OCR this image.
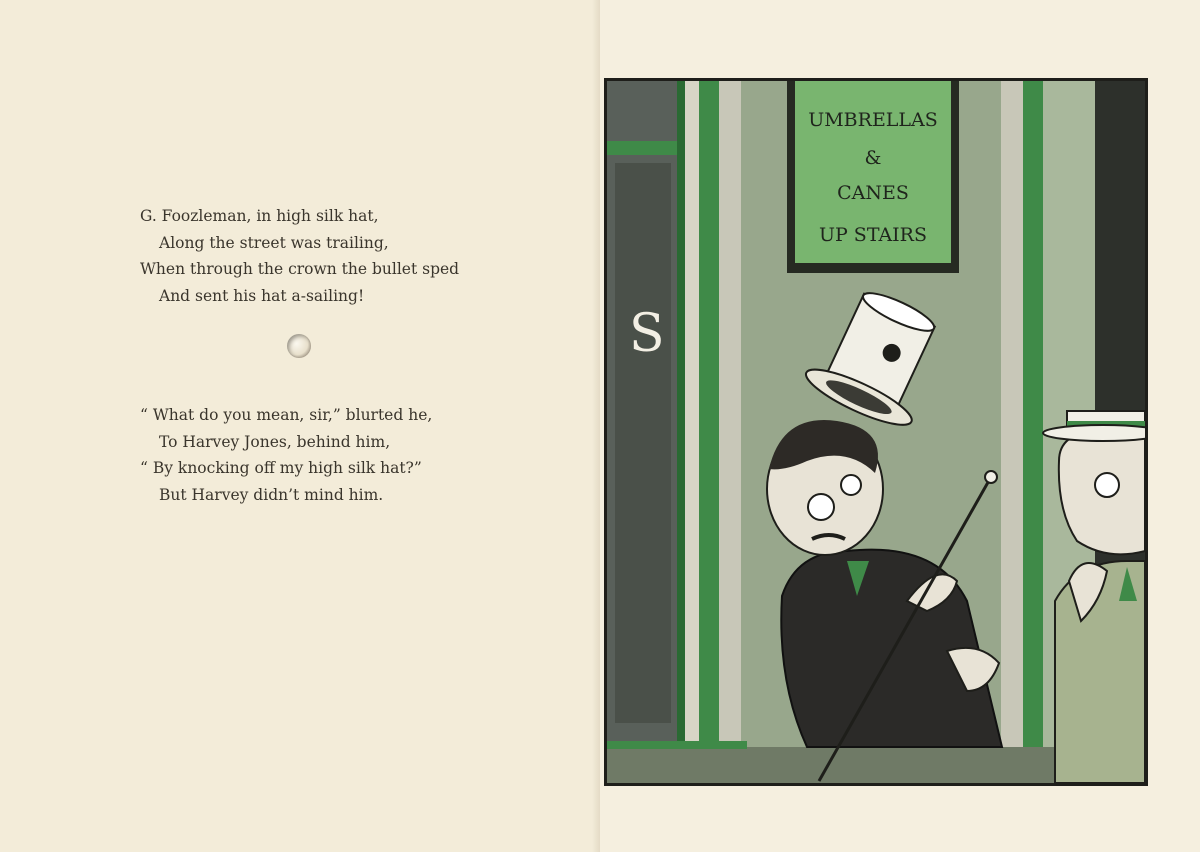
G. Foozleman, in high silk hat,
Along the street was trailing,
When through the crown the bullet sped
And sent his hat a-sailing!
“ What do you mean, sir,” blurted he,
To Harvey Jones, behind him,
“ By knocking off my high silk hat?”
But Harvey didn’t mind him.
S
UMBRELLAS
&
CANES
UP STAIRS
